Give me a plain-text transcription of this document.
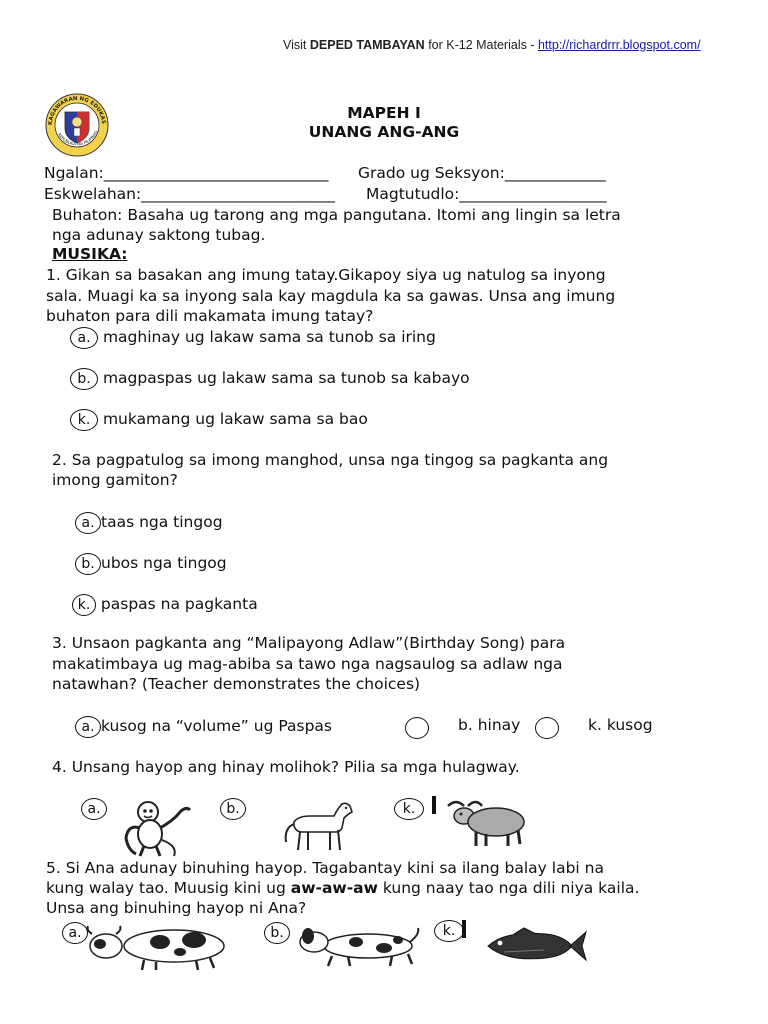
Visit DEPED TAMBAYAN for K-12 Materials - http://richardrrr.blogspot.com/
KAGAWARAN NG EDUKAS
REPUBLIKA NG PILIPINAS
MAPEH I
UNANG ANG-ANG
Ngalan:_____________________________ Grado ug Seksyon:_____________
Eskwelahan:_________________________ Magtutudlo:___________________
Buhaton: Basaha ug tarong ang mga pangutana. Itomi ang lingin sa letra
nga adunay saktong tubag.
MUSIKA:
1. Gikan sa basakan ang imung tatay.Gikapoy siya ug natulog sa inyong
sala. Muagi ka sa inyong sala kay magdula ka sa gawas. Unsa ang imung
buhaton para dili makamata imung tatay?
a. maghinay ug lakaw sama sa tunob sa iring
b. magpaspas ug lakaw sama sa tunob sa kabayo
k. mukamang ug lakaw sama sa bao
2. Sa pagpatulog sa imong manghod, unsa nga tingog sa pagkanta ang
imong gamiton?
a. taas nga tingog
b. ubos nga tingog
k. paspas na pagkanta
3. Unsaon pagkanta ang “Malipayong Adlaw”(Birthday Song) para
makatimbaya ug mag-abiba sa tawo nga nagsaulog sa adlaw nga
natawhan? (Teacher demonstrates the choices)
a. kusog na “volume” ug Paspas	b. hinay	k. kusog
4. Unsang hayop ang hinay molihok? Pilia sa mga hulagway.
a.	b.	k.
5. Si Ana adunay binuhing hayop. Tagabantay kini sa ilang balay labi na
kung walay tao. Muusig kini ug aw-aw-aw kung naay tao nga dili niya kaila.
Unsa ang binuhing hayop ni Ana?
a.	b.	k.
